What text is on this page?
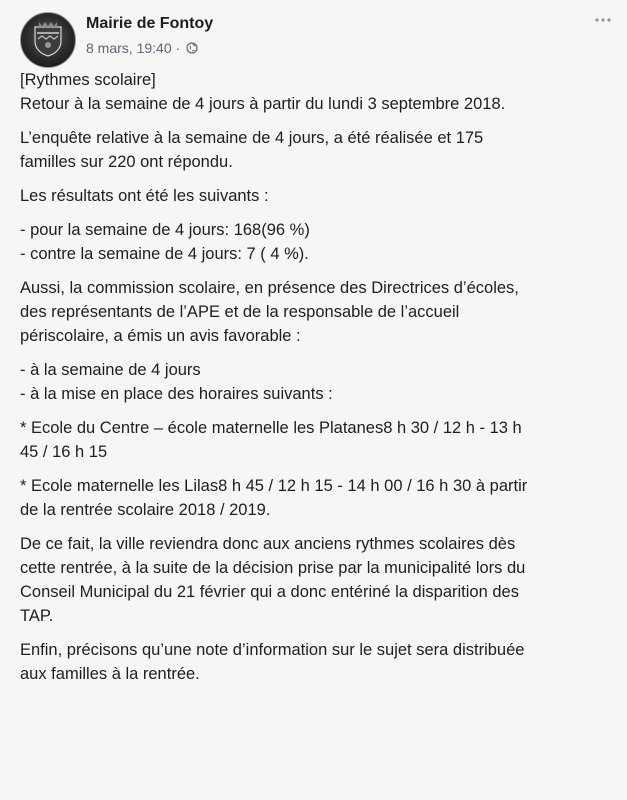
Mairie de Fontoy
8 mars, 19:40 ·

[Rythmes scolaire]
Retour à la semaine de 4 jours à partir du lundi 3 septembre 2018.

L’enquête relative à la semaine de 4 jours, a été réalisée et 175
familles sur 220 ont répondu.

Les résultats ont été les suivants :

- pour la semaine de 4 jours: 168(96 %)
- contre la semaine de 4 jours: 7 ( 4 %).

Aussi, la commission scolaire, en présence des Directrices d’écoles,
des représentants de l’APE et de la responsable de l’accueil
périscolaire, a émis un avis favorable :

- à la semaine de 4 jours
- à la mise en place des horaires suivants :

* Ecole du Centre – école maternelle les Platanes8 h 30 / 12 h - 13 h
45 / 16 h 15

* Ecole maternelle les Lilas8 h 45 / 12 h 15 - 14 h 00 / 16 h 30 à partir
de la rentrée scolaire 2018 / 2019.

De ce fait, la ville reviendra donc aux anciens rythmes scolaires dès
cette rentrée, à la suite de la décision prise par la municipalité lors du
Conseil Municipal du 21 février qui a donc entériné la disparition des
TAP.

Enfin, précisons qu’une note d’information sur le sujet sera distribuée
aux familles à la rentrée.
